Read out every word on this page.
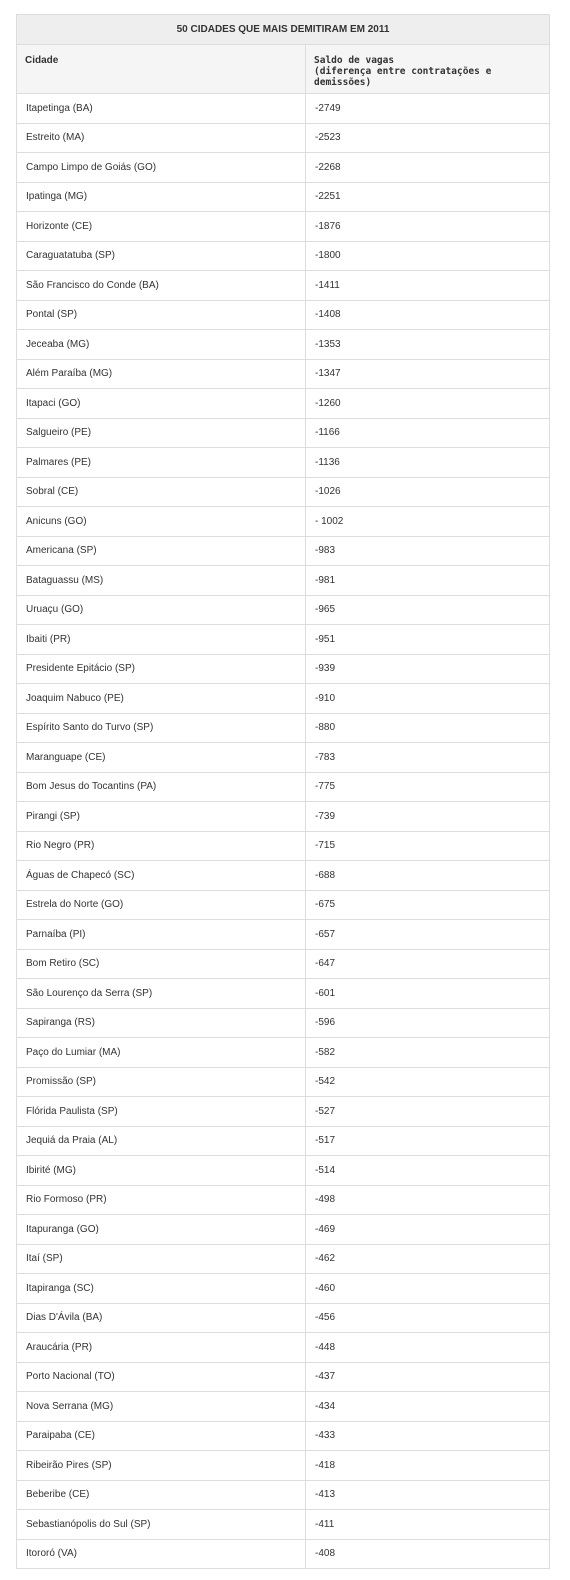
50 CIDADES QUE MAIS DEMITIRAM EM 2011	
Cidade	Saldo de vagas
(diferença entre contratações e demissões)

Itapetinga (BA)	-2749
Estreito (MA)	-2523
Campo Limpo de Goiás (GO)	-2268
Ipatinga (MG)	-2251
Horizonte (CE)	-1876
Caraguatatuba (SP)	-1800
São Francisco do Conde (BA)	-1411
Pontal (SP)	-1408
Jeceaba (MG)	-1353
Além Paraíba (MG)	-1347
Itapaci (GO)	-1260
Salgueiro (PE)	-1166
Palmares (PE)	-1136
Sobral (CE)	-1026
Anicuns (GO)	- 1002
Americana (SP)	-983
Bataguassu (MS)	-981
Uruaçu (GO)	-965
Ibaiti (PR)	-951
Presidente Epitácio (SP)	-939
Joaquim Nabuco (PE)	-910
Espírito Santo do Turvo (SP)	-880
Maranguape (CE)	-783
Bom Jesus do Tocantins (PA)	-775
Pirangi (SP)	-739
Rio Negro (PR)	-715
Águas de Chapecó (SC)	-688
Estrela do Norte (GO)	-675
Parnaíba (PI)	-657
Bom Retiro (SC)	-647
São Lourenço da Serra (SP)	-601
Sapiranga (RS)	-596
Paço do Lumiar (MA)	-582
Promissão (SP)	-542
Flórida Paulista (SP)	-527
Jequiá da Praia (AL)	-517
Ibirité (MG)	-514
Rio Formoso (PR)	-498
Itapuranga (GO)	-469
Itaí (SP)	-462
Itapiranga (SC)	-460
Dias D'Ávila (BA)	-456
Araucária (PR)	-448
Porto Nacional (TO)	-437
Nova Serrana (MG)	-434
Paraipaba (CE)	-433
Ribeirão Pires (SP)	-418
Beberibe (CE)	-413
Sebastianópolis do Sul (SP)	-411
Itororó (VA)	-408
